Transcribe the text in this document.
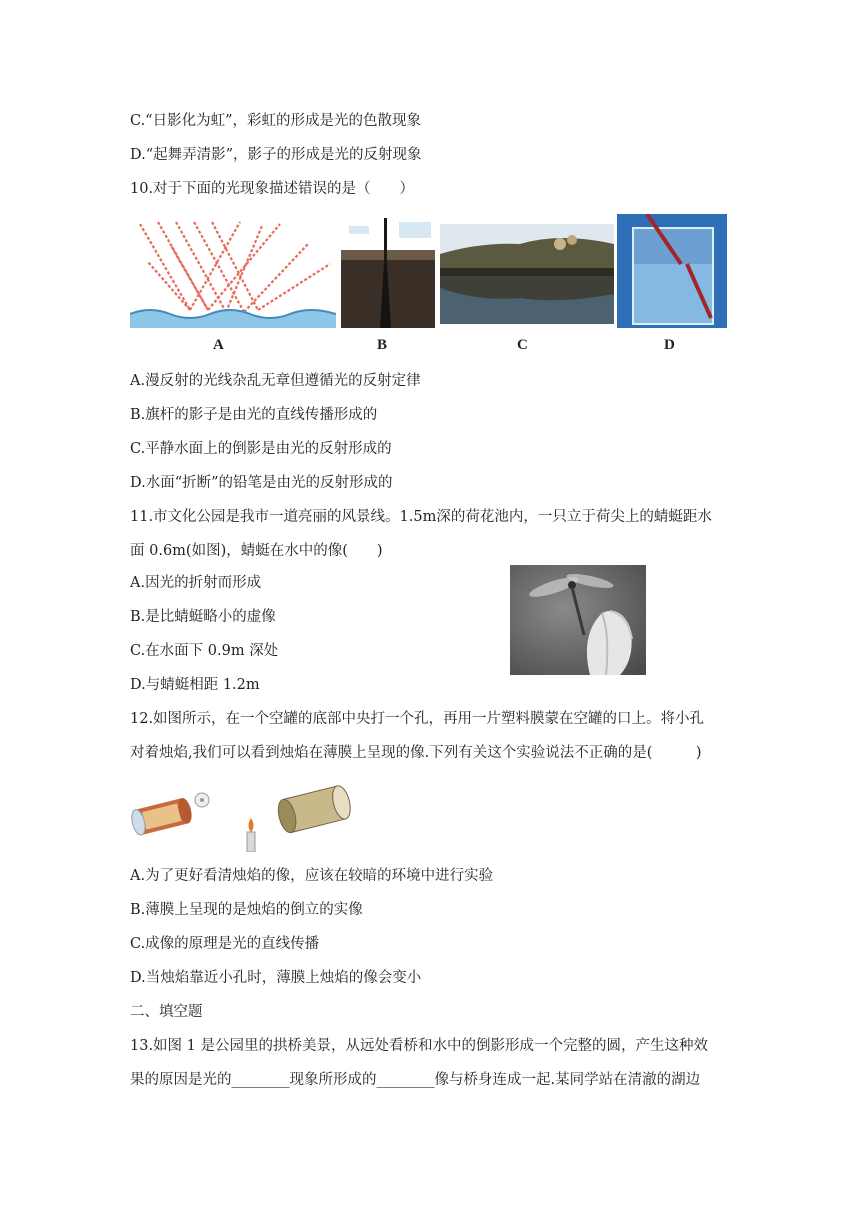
C.“日影化为虹”，彩虹的形成是光的色散现象
D.“起舞弄清影”，影子的形成是光的反射现象
10.对于下面的光现象描述错误的是（　　）
A	B	C	D
A.漫反射的光线杂乱无章但遵循光的反射定律
B.旗杆的影子是由光的直线传播形成的
C.平静水面上的倒影是由光的反射形成的
D.水面“折断”的铅笔是由光的反射形成的
11.市文化公园是我市一道亮丽的风景线。1.5m深的荷花池内，一只立于荷尖上的蜻蜓距水
面 0.6m(如图)，蜻蜓在水中的像(　　)
A.因光的折射而形成
B.是比蜻蜓略小的虚像
C.在水面下 0.9m 深处
D.与蜻蜓相距 1.2m
12.如图所示，在一个空罐的底部中央打一个孔，再用一片塑料膜蒙在空罐的口上。将小孔
对着烛焰,我们可以看到烛焰在薄膜上呈现的像.下列有关这个实验说法不正确的是(　　　)
A.为了更好看清烛焰的像，应该在较暗的环境中进行实验
B.薄膜上呈现的是烛焰的倒立的实像
C.成像的原理是光的直线传播
D.当烛焰靠近小孔时，薄膜上烛焰的像会变小
二、填空题
13.如图 1 是公园里的拱桥美景，从远处看桥和水中的倒影形成一个完整的圆，产生这种效
果的原因是光的________现象所形成的________像与桥身连成一起.某同学站在清澈的湖边
